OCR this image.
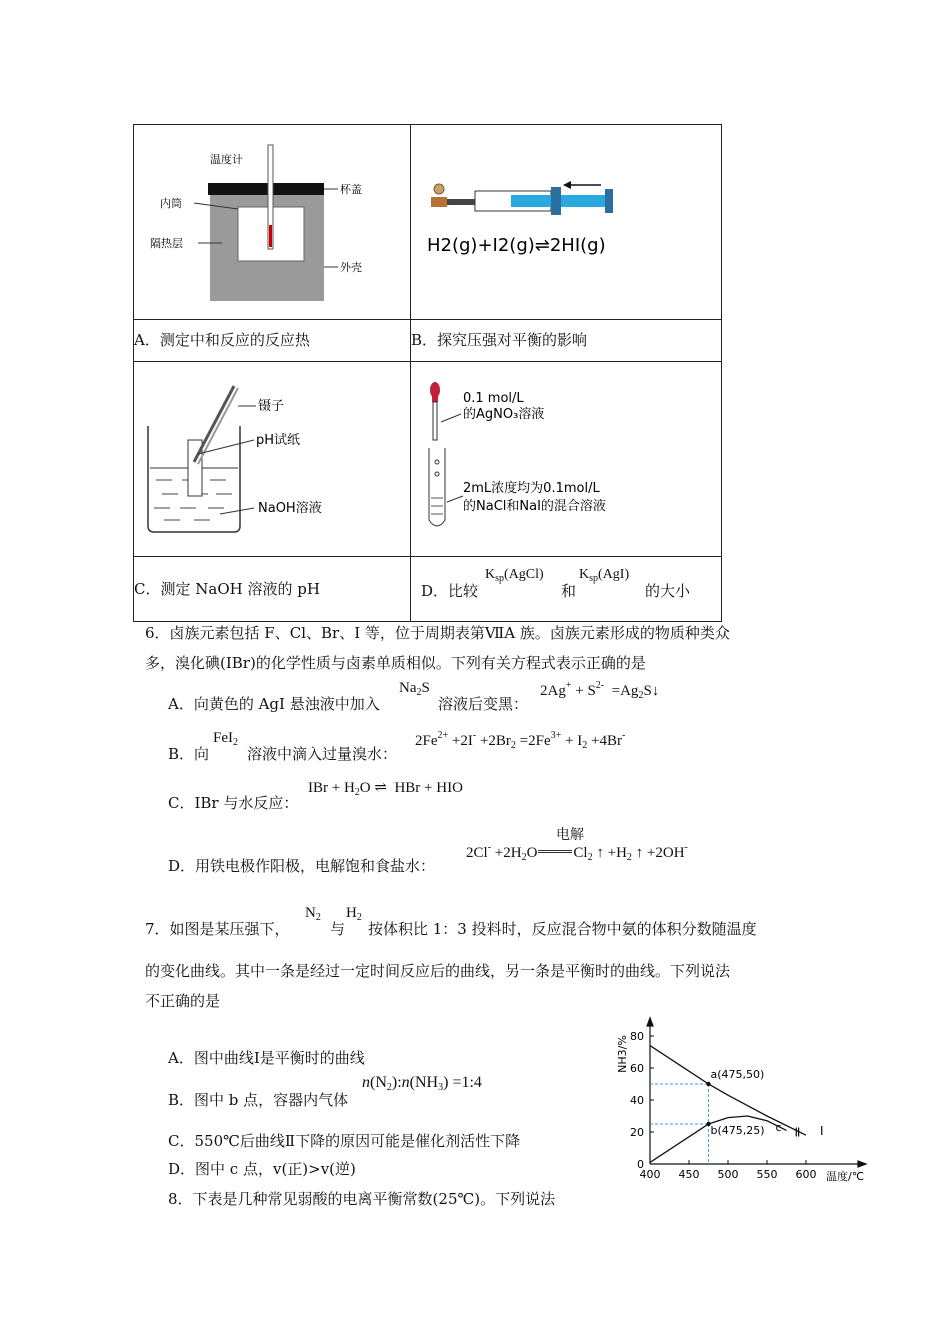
温度计
杯盖
内筒
隔热层
外壳	H2(g)+I2(g)⇌2HI(g)

A．测定中和反应的反应热	B．探究压强对平衡的影响

镊子
pH试纸
NaOH溶液	0.1 mol/L
的AgNO₃溶液
2mL浓度均为0.1mol/L
的NaCl和NaI的混合溶液

C．测定 NaOH 溶液的 pH	D．比较
$K_{sp}(AgCl)$
和
$K_{sp}(AgI)$
的大小
6．卤族元素包括 F、Cl、Br、I 等，位于周期表第ⅦA 族。卤族元素形成的物质种类众
多，溴化碘(IBr)的化学性质与卤素单质相似。下列有关方程式表示正确的是
A．向黄色的 AgI 悬浊液中加入
$Na_2S$
溶液后变黑：
$2Ag^+ + S^{2-}$  $=Ag_2S↓$
B．向
FeI$_2$
溶液中滴入过量溴水：
$2Fe^{2+} +2I^- +2Br_2 =2Fe^{3+} + I_2 +4Br^-$
C．IBr 与水反应：
IBr + $H_2O$ ⇌  HBr + HIO
D．用铁电极作阳极，电解饱和食盐水：
$2Cl^- +2H_2O$ $Cl_2$ ↑ $+H_2$ ↑ +2OH-
电解
7．如图是某压强下，
$N_2$
与
$H_2$
按体积比 1：3 投料时，反应混合物中氨的体积分数随温度
的变化曲线。其中一条是经过一定时间反应后的曲线，另一条是平衡时的曲线。下列说法
不正确的是
A．图中曲线Ⅰ是平衡时的曲线
B．图中 b 点，容器内气体
$n(N_2):n(NH_3)$ =1:4
C．550℃后曲线Ⅱ下降的原因可能是催化剂活性下降
D．图中 c 点，v(正)>v(逆)
8．下表是几种常见弱酸的电离平衡常数(25℃)。下列说法
400 450 500 550 600
0
20
40
60
80
温度/℃
NH3/%
Ⅰ
Ⅱ
a(475,50)
b(475,25) c
